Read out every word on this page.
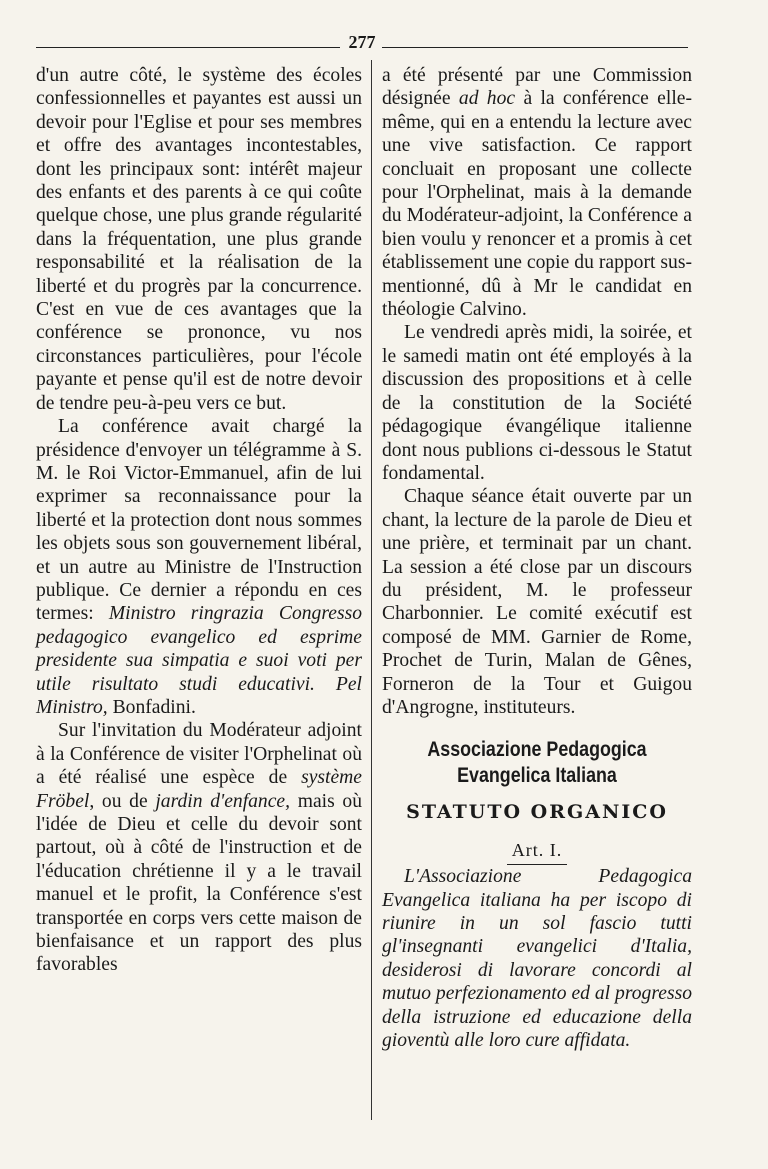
277

d'un autre côté, le système des écoles confessionnelles et payantes est aussi un devoir pour l'Eglise et pour ses membres et offre des avantages incontestables, dont les principaux sont: intérêt majeur des enfants et des parents à ce qui coûte quelque chose, une plus grande régularité dans la fréquentation, une plus grande responsabilité et la réalisation de la liberté et du progrès par la concurrence. C'est en vue de ces avantages que la conférence se prononce, vu nos circonstances particulières, pour l'école payante et pense qu'il est de notre devoir de tendre peu-à-peu vers ce but.

La conférence avait chargé la présidence d'envoyer un télégramme à S. M. le Roi Victor-Emmanuel, afin de lui exprimer sa reconnaissance pour la liberté et la protection dont nous sommes les objets sous son gouvernement libéral, et un autre au Ministre de l'Instruction publique. Ce dernier a répondu en ces termes: Ministro ringrazia Congresso pedagogico evangelico ed esprime presidente sua simpatia e suoi voti per utile risultato studi educativi. Pel Ministro, Bonfadini.

Sur l'invitation du Modérateur adjoint à la Conférence de visiter l'Orphelinat où a été réalisé une espèce de système Fröbel, ou de jardin d'enfance, mais où l'idée de Dieu et celle du devoir sont partout, où à côté de l'instruction et de l'éducation chrétienne il y a le travail manuel et le profit, la Conférence s'est transportée en corps vers cette maison de bienfaisance et un rapport des plus favorables

a été présenté par une Commission désignée ad hoc à la conférence elle-même, qui en a entendu la lecture avec une vive satisfaction. Ce rapport concluait en proposant une collecte pour l'Orphelinat, mais à la demande du Modérateur-adjoint, la Conférence a bien voulu y renoncer et a promis à cet établissement une copie du rapport sus-mentionné, dû à Mr le candidat en théologie Calvino.

Le vendredi après midi, la soirée, et le samedi matin ont été employés à la discussion des propositions et à celle de la constitution de la Société pédagogique évangélique italienne dont nous publions ci-dessous le Statut fondamental.

Chaque séance était ouverte par un chant, la lecture de la parole de Dieu et une prière, et terminait par un chant. La session a été close par un discours du président, M. le professeur Charbonnier. Le comité exécutif est composé de MM. Garnier de Rome, Prochet de Turin, Malan de Gênes, Forneron de la Tour et Guigou d'Angrogne, instituteurs.

Associazione Pedagogica
Evangelica Italiana
STATUTO ORGANICO
Art. I.

L'Associazione Pedagogica Evangelica italiana ha per iscopo di riunire in un sol fascio tutti gl'insegnanti evangelici d'Italia, desiderosi di lavorare concordi al mutuo perfezionamento ed al progresso della istruzione ed educazione della gioventù alle loro cure affidata.
